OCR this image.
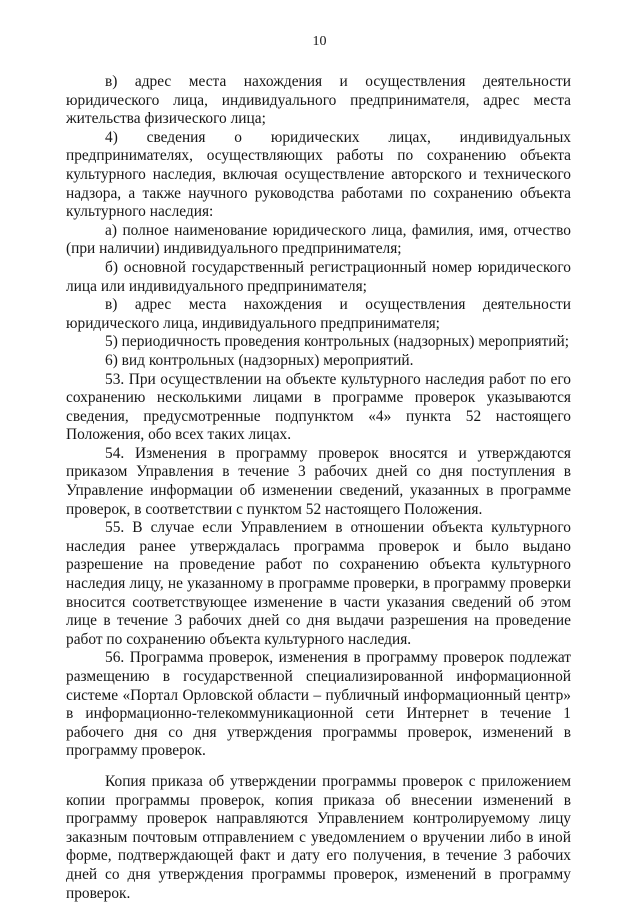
10

в) адрес места нахождения и осуществления деятельности юридического лица, индивидуального предпринимателя, адрес места жительства физического лица;

4) сведения о юридических лицах, индивидуальных предпринимателях, осуществляющих работы по сохранению объекта культурного наследия, включая осуществление авторского и технического надзора, а также научного руководства работами по сохранению объекта культурного наследия:

а) полное наименование юридического лица, фамилия, имя, отчество (при наличии) индивидуального предпринимателя;

б) основной государственный регистрационный номер юридического лица или индивидуального предпринимателя;

в) адрес места нахождения и осуществления деятельности юридического лица, индивидуального предпринимателя;

5) периодичность проведения контрольных (надзорных) мероприятий;

6) вид контрольных (надзорных) мероприятий.

53. При осуществлении на объекте культурного наследия работ по его сохранению несколькими лицами в программе проверок указываются сведения, предусмотренные подпунктом «4» пункта 52 настоящего Положения, обо всех таких лицах.

54. Изменения в программу проверок вносятся и утверждаются приказом Управления в течение 3 рабочих дней со дня поступления в Управление информации об изменении сведений, указанных в программе проверок, в соответствии с пунктом 52 настоящего Положения.

55. В случае если Управлением в отношении объекта культурного наследия ранее утверждалась программа проверок и было выдано разрешение на проведение работ по сохранению объекта культурного наследия лицу, не указанному в программе проверки, в программу проверки вносится соответствующее изменение в части указания сведений об этом лице в течение 3 рабочих дней со дня выдачи разрешения на проведение работ по сохранению объекта культурного наследия.

56. Программа проверок, изменения в программу проверок подлежат размещению в государственной специализированной информационной системе «Портал Орловской области – публичный информационный центр» в информационно-телекоммуникационной сети Интернет в течение 1 рабочего дня со дня утверждения программы проверок, изменений в программу проверок.

Копия приказа об утверждении программы проверок с приложением копии программы проверок, копия приказа об внесении изменений в программу проверок направляются Управлением контролируемому лицу заказным почтовым отправлением с уведомлением о вручении либо в иной форме, подтверждающей факт и дату его получения, в течение 3 рабочих дней со дня утверждения программы проверок, изменений в программу проверок.
